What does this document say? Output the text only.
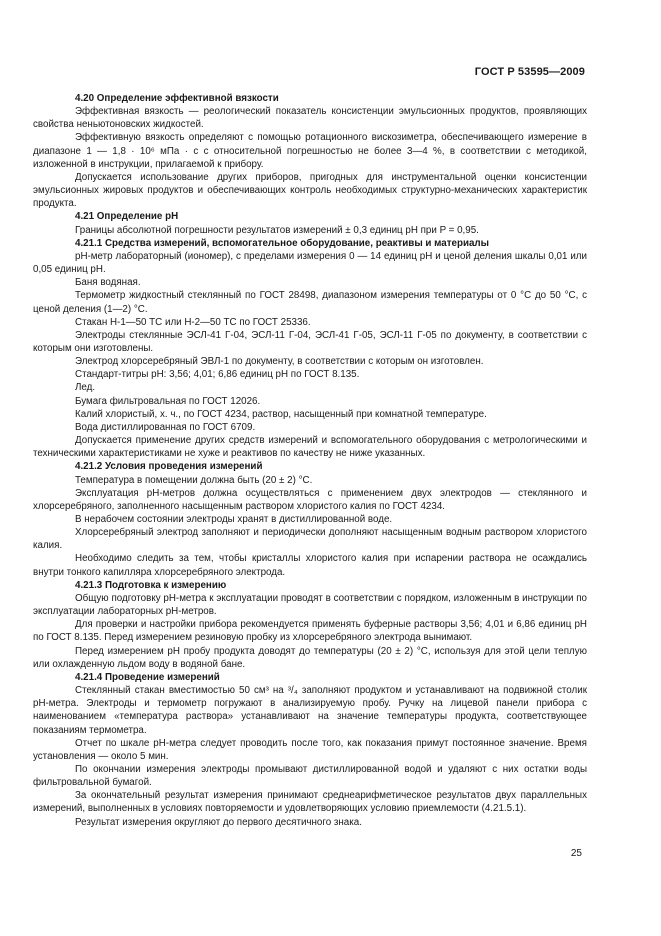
ГОСТ Р 53595—2009

4.20 Определение эффективной вязкости

Эффективная вязкость — реологический показатель консистенции эмульсионных продуктов, проявляющих свойства неньютоновских жидкостей.

Эффективную вязкость определяют с помощью ротационного вискозиметра, обеспечивающего измерение в диапазоне 1 — 1,8 · 10⁶ мПа · с с относительной погрешностью не более 3—4 %, в соответствии с методикой, изложенной в инструкции, прилагаемой к прибору.

Допускается использование других приборов, пригодных для инструментальной оценки консистенции эмульсионных жировых продуктов и обеспечивающих контроль необходимых структурно-механических характеристик продукта.

4.21 Определение pH

Границы абсолютной погрешности результатов измерений ± 0,3 единиц pH при P = 0,95.

4.21.1 Средства измерений, вспомогательное оборудование, реактивы и материалы

pH-метр лабораторный (иономер), с пределами измерения 0 — 14 единиц pH и ценой деления шкалы 0,01 или 0,05 единиц pH.

Баня водяная.

Термометр жидкостный стеклянный по ГОСТ 28498, диапазоном измерения температуры от 0 °С до 50 °С, с ценой деления (1—2) °С.

Стакан Н-1—50 ТС или Н-2—50 ТС по ГОСТ 25336.

Электроды стеклянные ЭСЛ-41 Г-04, ЭСЛ-11 Г-04, ЭСЛ-41 Г-05, ЭСЛ-11 Г-05 по документу, в соответствии с которым они изготовлены.

Электрод хлорсеребряный ЭВЛ-1 по документу, в соответствии с которым он изготовлен.

Стандарт-титры pH: 3,56; 4,01; 6,86 единиц pH по ГОСТ 8.135.

Лед.

Бумага фильтровальная по ГОСТ 12026.

Калий хлористый, х. ч., по ГОСТ 4234, раствор, насыщенный при комнатной температуре.

Вода дистиллированная по ГОСТ 6709.

Допускается применение других средств измерений и вспомогательного оборудования с метрологическими и техническими характеристиками не хуже и реактивов по качеству не ниже указанных.

4.21.2 Условия проведения измерений

Температура в помещении должна быть (20 ± 2) °С.

Эксплуатация pH-метров должна осуществляться с применением двух электродов — стеклянного и хлорсеребряного, заполненного насыщенным раствором хлористого калия по ГОСТ 4234.

В нерабочем состоянии электроды хранят в дистиллированной воде.

Хлорсеребряный электрод заполняют и периодически дополняют насыщенным водным раствором хлористого калия.

Необходимо следить за тем, чтобы кристаллы хлористого калия при испарении раствора не осаждались внутри тонкого капилляра хлорсеребряного электрода.

4.21.3 Подготовка к измерению

Общую подготовку pH-метра к эксплуатации проводят в соответствии с порядком, изложенным в инструкции по эксплуатации лабораторных pH-метров.

Для проверки и настройки прибора рекомендуется применять буферные растворы 3,56; 4,01 и 6,86 единиц pH по ГОСТ 8.135. Перед измерением резиновую пробку из хлорсеребряного электрода вынимают.

Перед измерением pH пробу продукта доводят до температуры (20 ± 2) °С, используя для этой цели теплую или охлажденную льдом воду в водяной бане.

4.21.4 Проведение измерений

Стеклянный стакан вместимостью 50 см³ на ³/₄ заполняют продуктом и устанавливают на подвижной столик pH-метра. Электроды и термометр погружают в анализируемую пробу. Ручку на лицевой панели прибора с наименованием «температура раствора» устанавливают на значение температуры продукта, соответствующее показаниям термометра.

Отчет по шкале pH-метра следует проводить после того, как показания примут постоянное значение. Время установления — около 5 мин.

По окончании измерения электроды промывают дистиллированной водой и удаляют с них остатки воды фильтровальной бумагой.

За окончательный результат измерения принимают среднеарифметическое результатов двух параллельных измерений, выполненных в условиях повторяемости и удовлетворяющих условию приемлемости (4.21.5.1).

Результат измерения округляют до первого десятичного знака.

25
